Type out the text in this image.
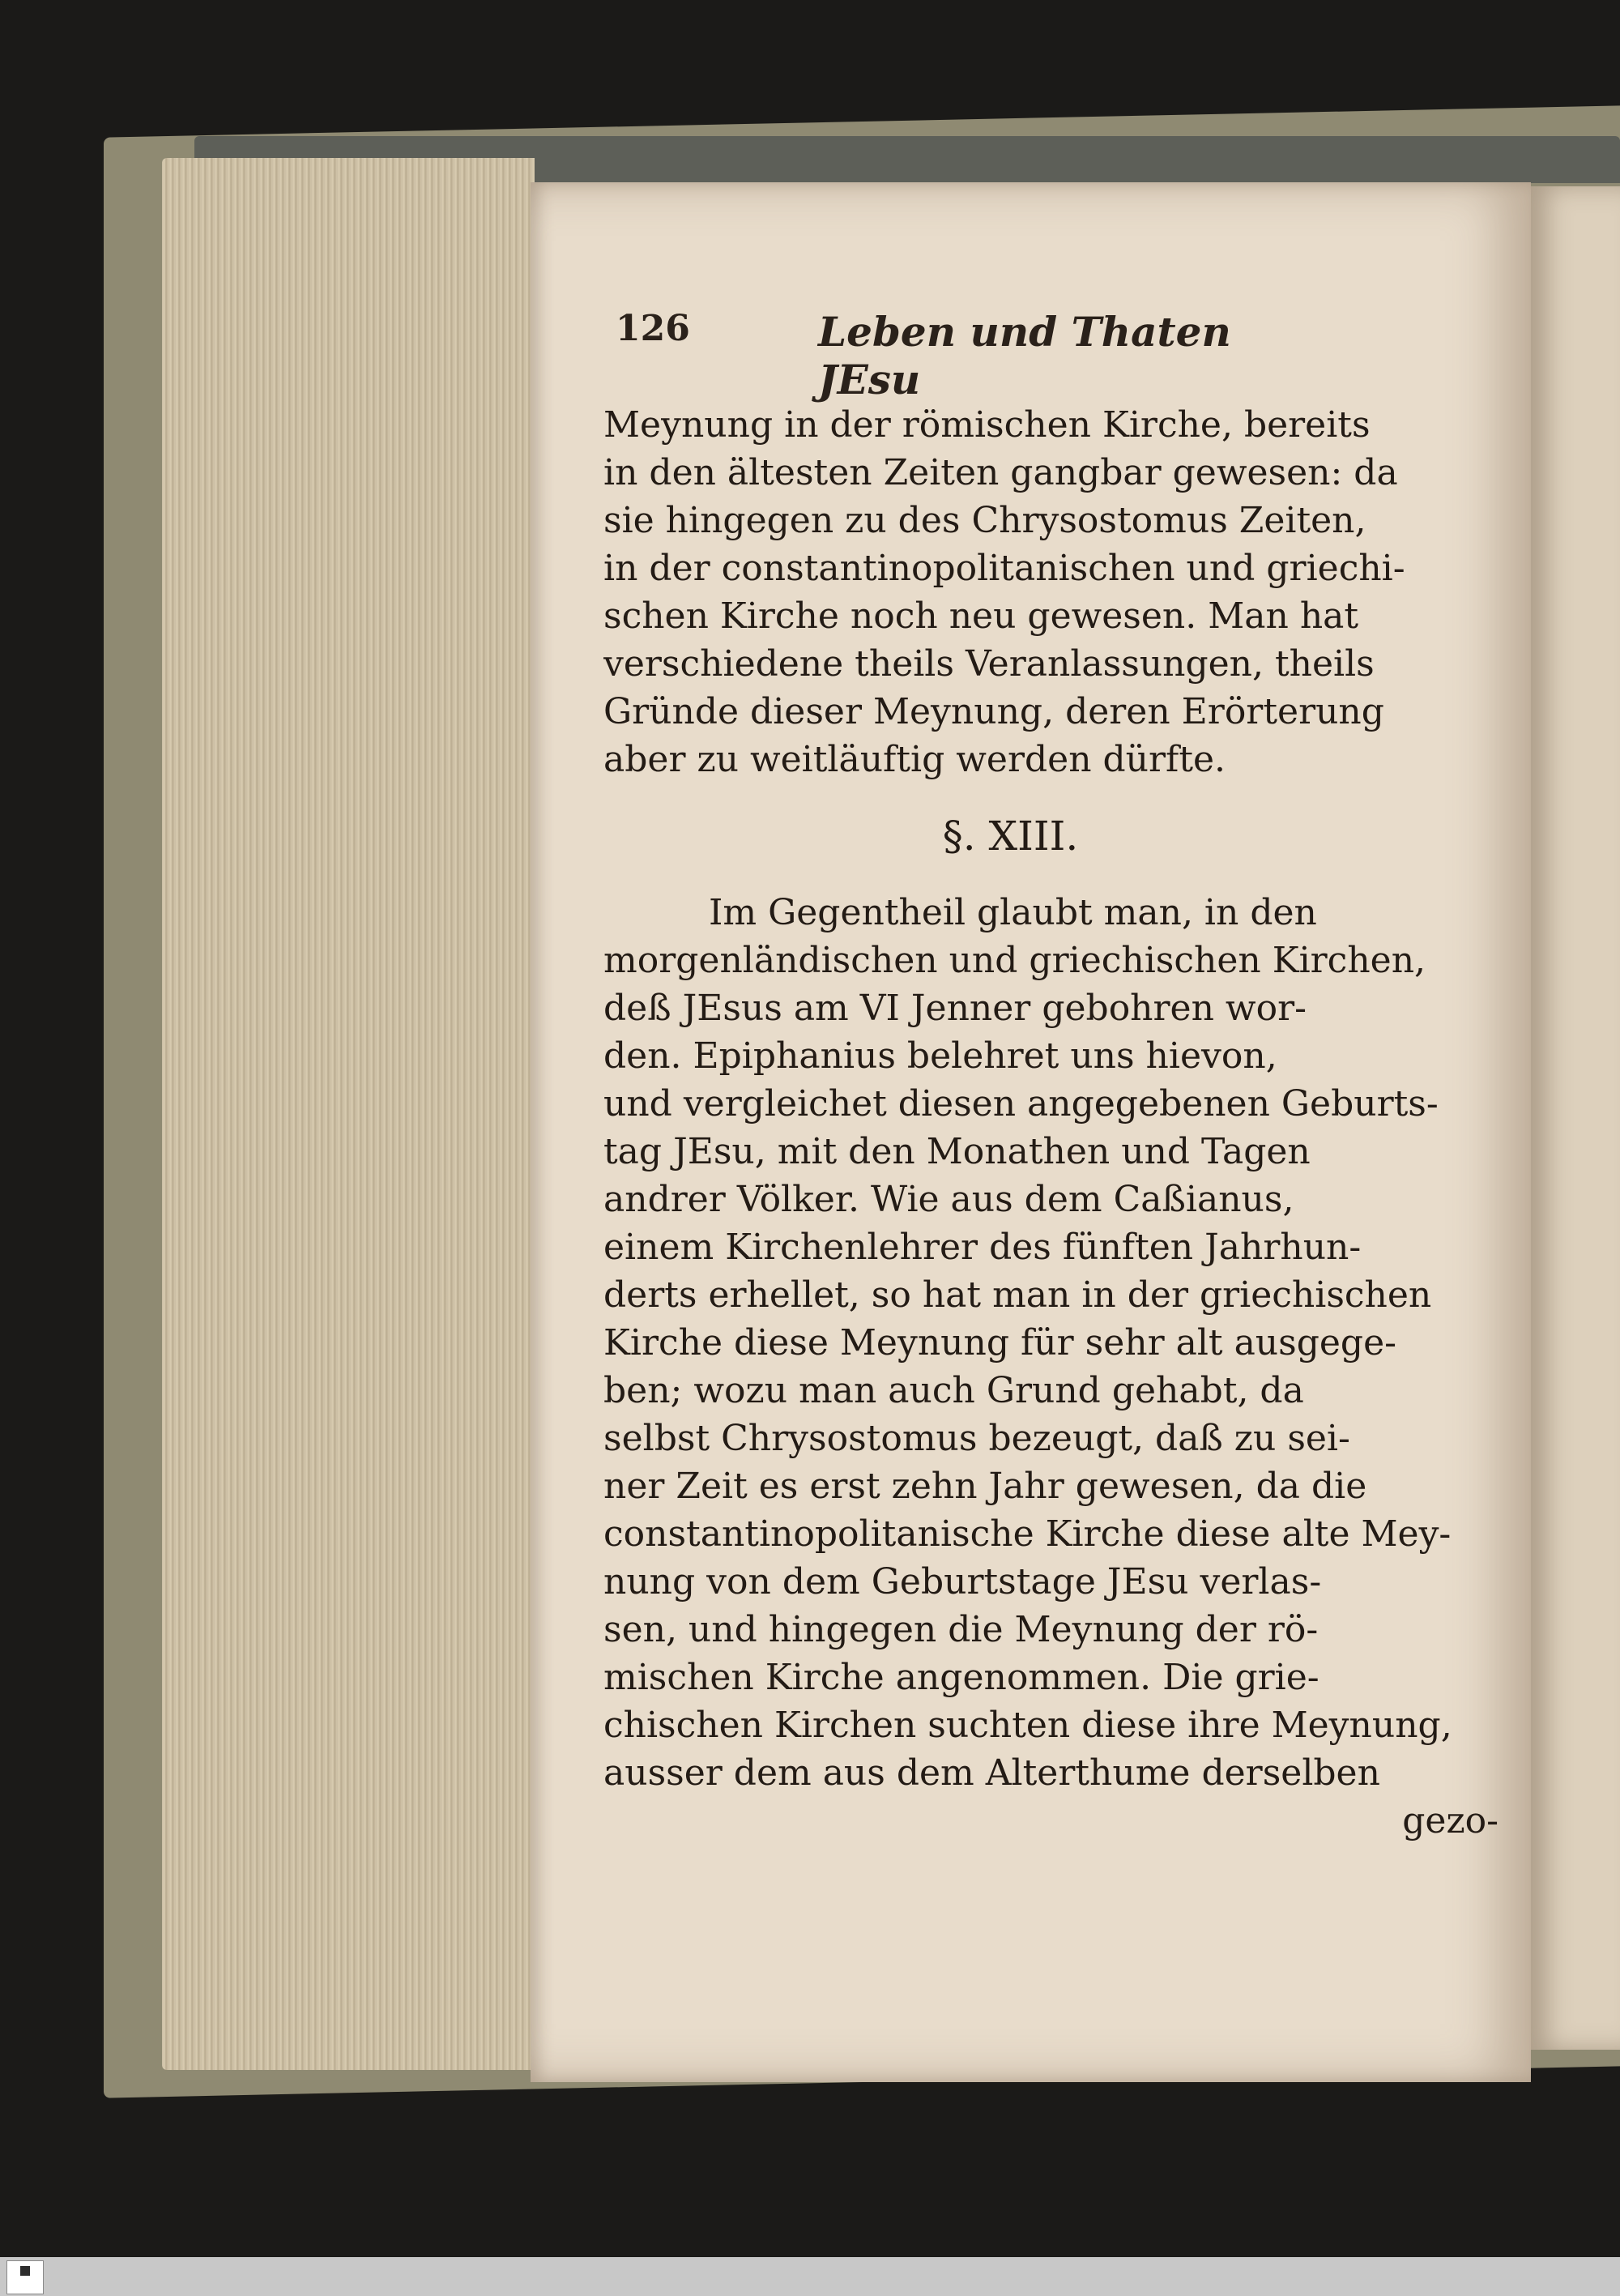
126	Leben und Thaten JEsu
Meynung in der römischen Kirche, bereits
in den ältesten Zeiten gangbar gewesen: da
sie hingegen zu des Chrysostomus Zeiten,
in der constantinopolitanischen und griechi-
schen Kirche noch neu gewesen. Man hat
verschiedene theils Veranlassungen, theils
Gründe dieser Meynung, deren Erörterung
aber zu weitläuftig werden dürfte.
§. XIII.
Im Gegentheil glaubt man, in den
morgenländischen und griechischen Kirchen,
deß JEsus am VI Jenner gebohren wor-
den. Epiphanius belehret uns hievon,
und vergleichet diesen angegebenen Geburts-
tag JEsu, mit den Monathen und Tagen
andrer Völker. Wie aus dem Caßianus,
einem Kirchenlehrer des fünften Jahrhun-
derts erhellet, so hat man in der griechischen
Kirche diese Meynung für sehr alt ausgege-
ben; wozu man auch Grund gehabt, da
selbst Chrysostomus bezeugt, daß zu sei-
ner Zeit es erst zehn Jahr gewesen, da die
constantinopolitanische Kirche diese alte Mey-
nung von dem Geburtstage JEsu verlas-
sen, und hingegen die Meynung der rö-
mischen Kirche angenommen. Die grie-
chischen Kirchen suchten diese ihre Meynung,
ausser dem aus dem Alterthume derselben
gezo-
